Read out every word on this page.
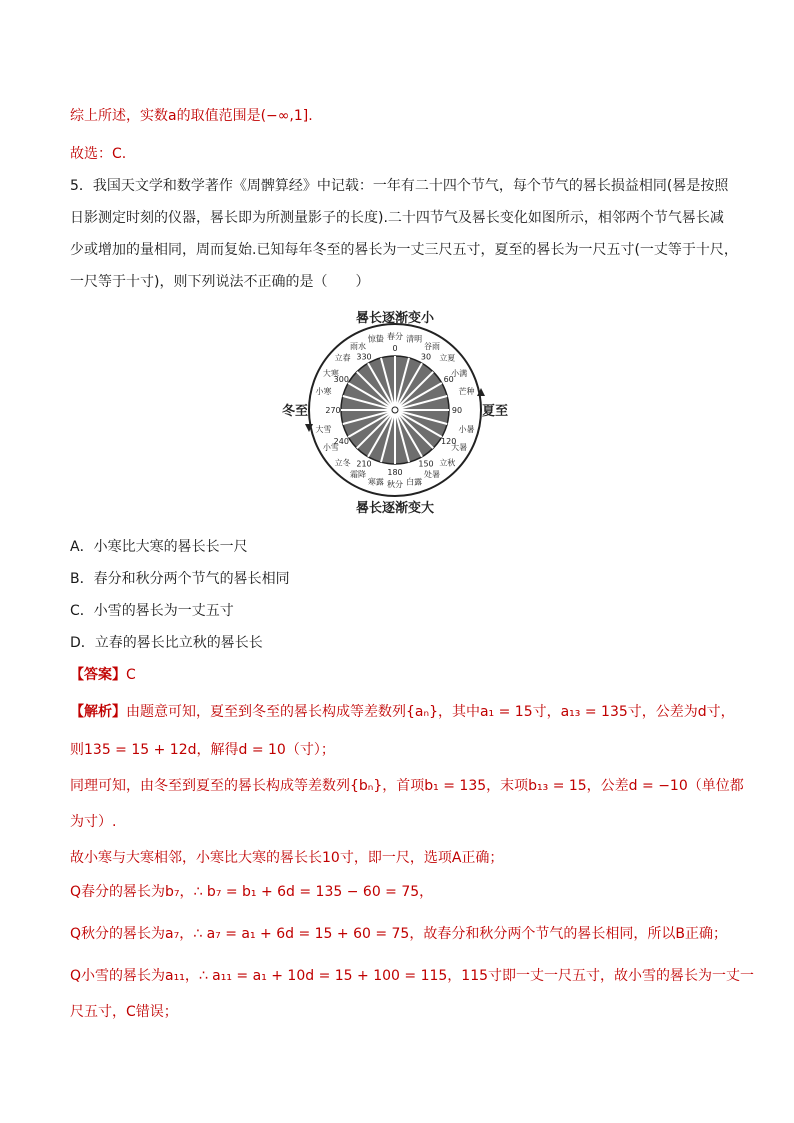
综上所述，实数a的取值范围是(−∞,1].
故选：C.
5．我国天文学和数学著作《周髀算经》中记载：一年有二十四个节气，每个节气的晷长损益相同(晷是按照
日影测定时刻的仪器，晷长即为所测量影子的长度).二十四节气及晷长变化如图所示，相邻两个节气晷长减
少或增加的量相同，周而复始.已知每年冬至的晷长为一丈三尺五寸，夏至的晷长为一尺五寸(一丈等于十尺，
一尺等于十寸)，则下列说法不正确的是（　　）
晷长逐渐变小
晷长逐渐变大
冬至	夏至
惊蛰 春分 清明
谷雨
立夏
小满
芒种
小暑
大暑
立秋
处暑
白露
秋分
寒露
霜降
立冬
小雪
大雪
小寒
大寒
立春
雨水	0
30
60
90
120
150
180
210
240
270
300
330
A．小寒比大寒的晷长长一尺
B．春分和秋分两个节气的晷长相同
C．小雪的晷长为一丈五寸
D．立春的晷长比立秋的晷长长
【答案】C
【解析】由题意可知，夏至到冬至的晷长构成等差数列{aₙ}，其中a₁ = 15寸，a₁₃ = 135寸，公差为d寸，
则135 = 15 + 12d，解得d = 10（寸）；
同理可知，由冬至到夏至的晷长构成等差数列{bₙ}，首项b₁ = 135，末项b₁₃ = 15，公差d = −10（单位都
为寸）.
故小寒与大寒相邻，小寒比大寒的晷长长10寸，即一尺，选项A正确；
Q春分的晷长为b₇，∴ b₇ = b₁ + 6d = 135 − 60 = 75，
Q秋分的晷长为a₇，∴ a₇ = a₁ + 6d = 15 + 60 = 75，故春分和秋分两个节气的晷长相同，所以B正确；
Q小雪的晷长为a₁₁，∴ a₁₁ = a₁ + 10d = 15 + 100 = 115，115寸即一丈一尺五寸，故小雪的晷长为一丈一
尺五寸，C错误；
